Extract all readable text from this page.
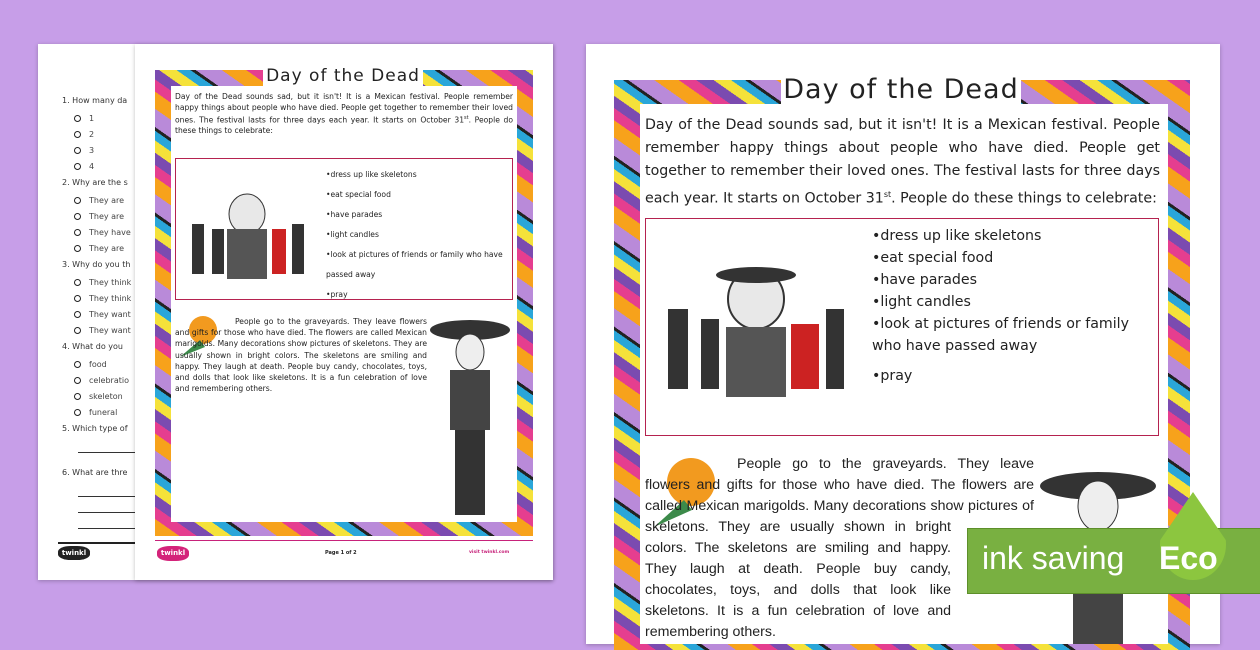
1. How many da
1
2
3
4
2. Why are the s
They are
They are
They have
They are
3. Why do you th
They think
They think
They want
They want
4. What do you
food
celebratio
skeleton
funeral
5. Which type of
6. What are thre
twinkl
Day of the Dead
Day of the Dead sounds sad, but it isn't! It is a Mexican festival. People remember happy things about people who have died. People get together to remember their loved ones. The festival lasts for three days each year. It starts on October 31st. People do these things to celebrate:
• dress up like skeletons
• eat special food
• have parades
• light candles
• look at pictures of friends or family who have passed away
• pray
People go to the graveyards. They leave flowers and gifts for those who have died. The flowers are called Mexican marigolds. Many decorations show pictures of skeletons. They are usually shown in bright colors. The skeletons are smiling and happy. They laugh at death. People buy candy, chocolates, toys, and dolls that look like skeletons. It is a fun celebration of love and remembering others.
twinkl	Page 1 of 2	visit twinkl.com
Day of the Dead
Day of the Dead sounds sad, but it isn't! It is a Mexican festival. People remember happy things about people who have died. People get together to remember their loved ones. The festival lasts for three days each year. It starts on October 31st. People do these things to celebrate:
• dress up like skeletons
• eat special food
• have parades
• light candles
• look at pictures of friends or family who have passed away
• pray
People go to the graveyards. They leave flowers and gifts for those who have died. The flowers are called Mexican marigolds. Many decorations show pictures of skeletons. They are usually shown in bright colors. The skeletons are smiling and happy. They laugh at death. People buy candy, chocolates, toys, and dolls that look like skeletons. It is a fun celebration of love and remembering others.
ink saving Eco
